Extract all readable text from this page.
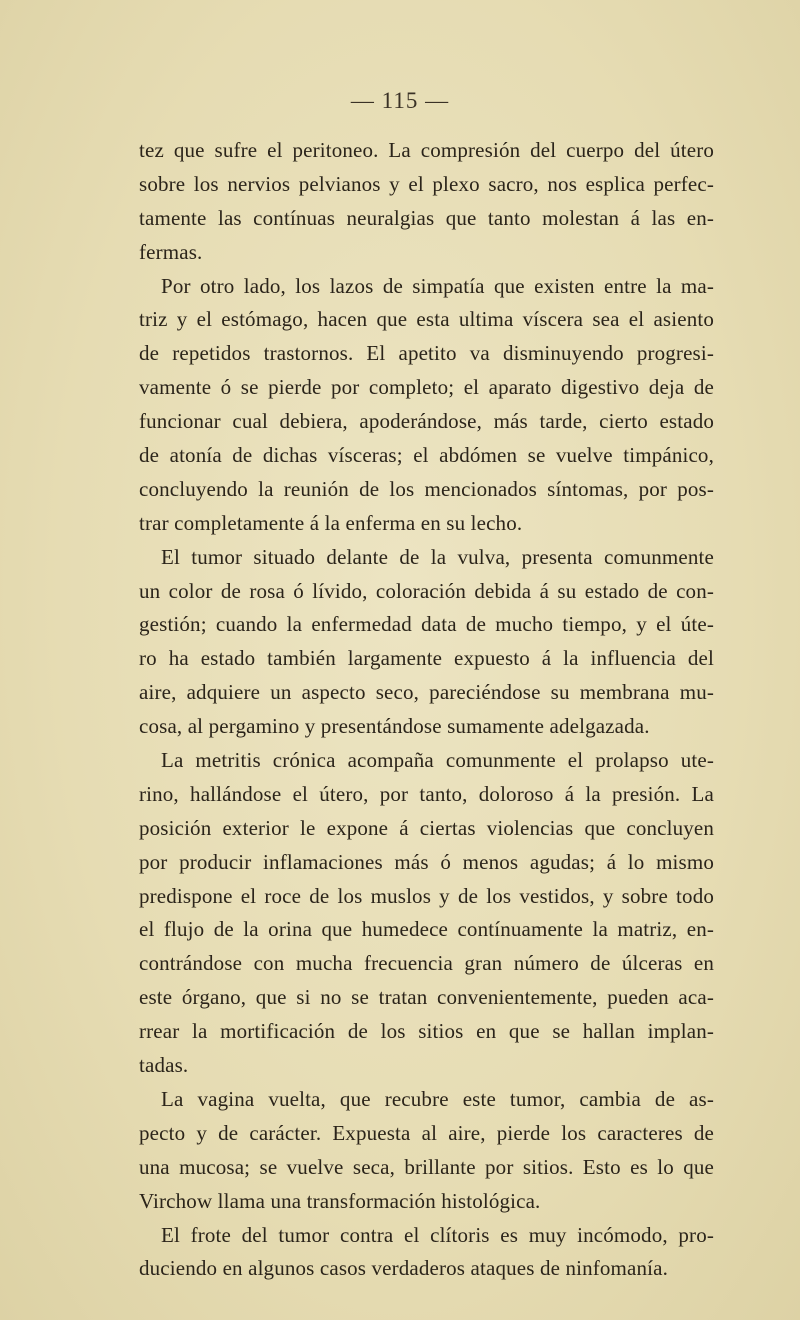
— 115 —
tez que sufre el peritoneo. La compresión del cuerpo del útero
sobre los nervios pelvianos y el plexo sacro, nos esplica perfec-
tamente las contínuas neuralgias que tanto molestan á las en-
fermas.
Por otro lado, los lazos de simpatía que existen entre la ma-
triz y el estómago, hacen que esta ultima víscera sea el asiento
de repetidos trastornos. El apetito va disminuyendo progresi-
vamente ó se pierde por completo; el aparato digestivo deja de
funcionar cual debiera, apoderándose, más tarde, cierto estado
de atonía de dichas vísceras; el abdómen se vuelve timpánico,
concluyendo la reunión de los mencionados síntomas, por pos-
trar completamente á la enferma en su lecho.
El tumor situado delante de la vulva, presenta comunmente
un color de rosa ó lívido, coloración debida á su estado de con-
gestión; cuando la enfermedad data de mucho tiempo, y el úte-
ro ha estado también largamente expuesto á la influencia del
aire, adquiere un aspecto seco, pareciéndose su membrana mu-
cosa, al pergamino y presentándose sumamente adelgazada.
La metritis crónica acompaña comunmente el prolapso ute-
rino, hallándose el útero, por tanto, doloroso á la presión. La
posición exterior le expone á ciertas violencias que concluyen
por producir inflamaciones más ó menos agudas; á lo mismo
predispone el roce de los muslos y de los vestidos, y sobre todo
el flujo de la orina que humedece contínuamente la matriz, en-
contrándose con mucha frecuencia gran número de úlceras en
este órgano, que si no se tratan convenientemente, pueden aca-
rrear la mortificación de los sitios en que se hallan implan-
tadas.
La vagina vuelta, que recubre este tumor, cambia de as-
pecto y de carácter. Expuesta al aire, pierde los caracteres de
una mucosa; se vuelve seca, brillante por sitios. Esto es lo que
Virchow llama una transformación histológica.
El frote del tumor contra el clítoris es muy incómodo, pro-
duciendo en algunos casos verdaderos ataques de ninfomanía.
